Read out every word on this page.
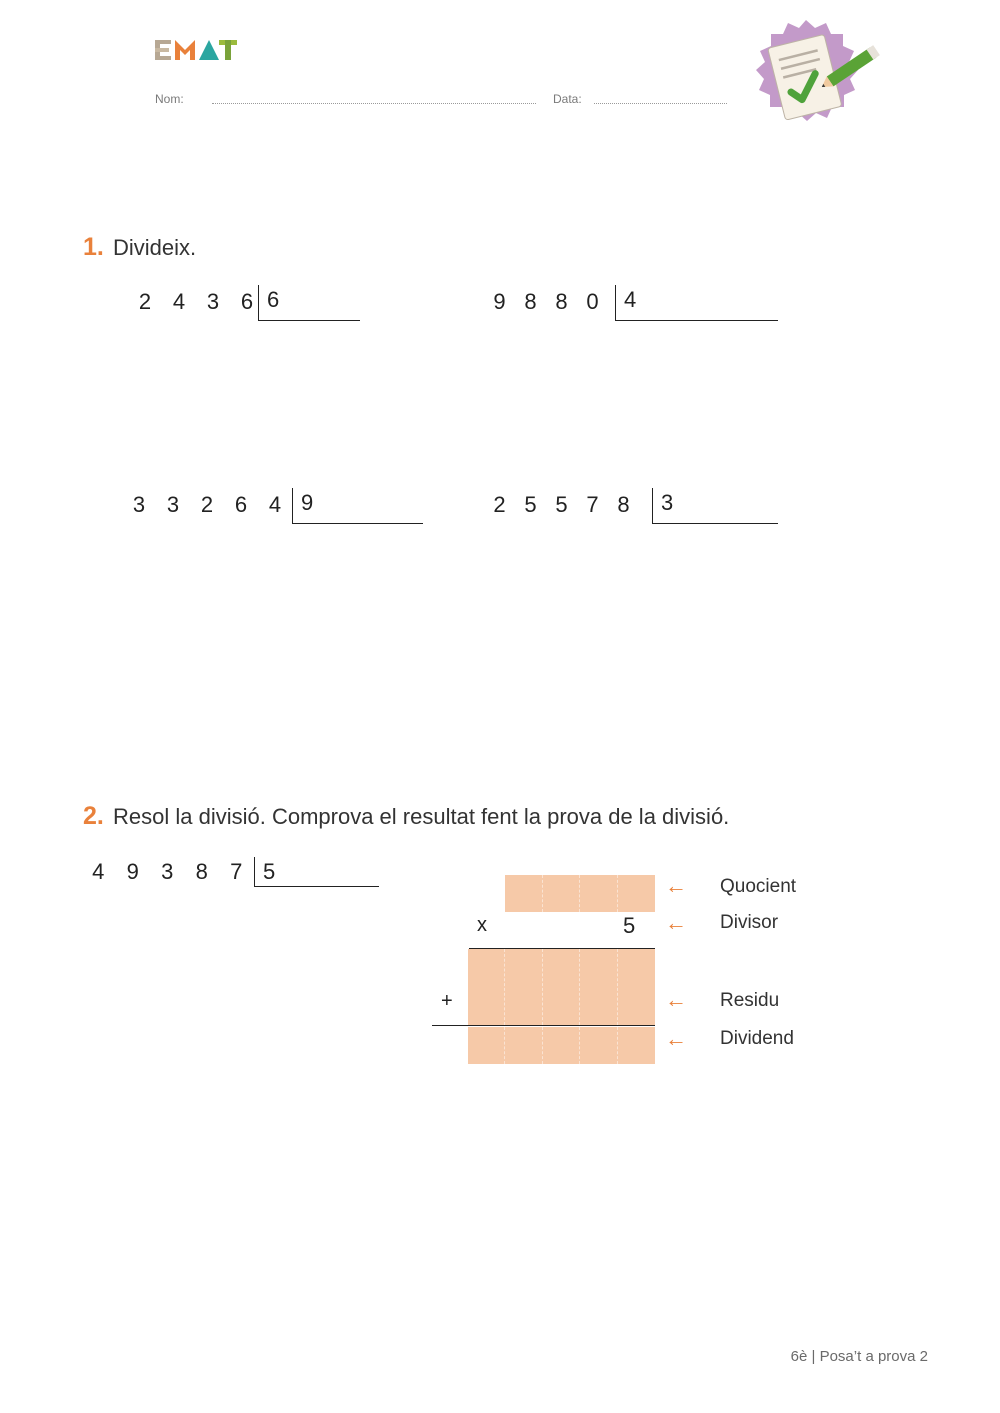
Nom:	Data:
1. Divideix.
2 4 3 6 6	9 8 8 0	4
3 3 2 6 4 9	2 5 5 7 8	3
2. Resol la divisió. Comprova el resultat fent la prova de la divisió.
4	9	3	8	7 5
x	5
+
← Quocient
← Divisor
← Residu
← Dividend
6è | Posa’t a prova 2
